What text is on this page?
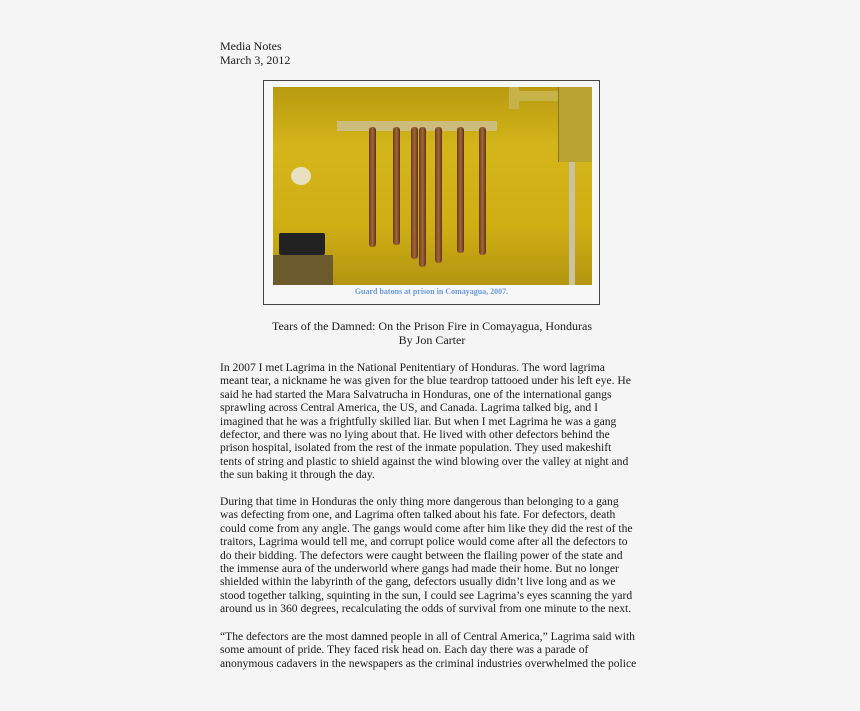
Media Notes
March 3, 2012
Guard batons at prison in Comayagua, 2007.
Tears of the Damned: On the Prison Fire in Comayagua, Honduras
By Jon Carter
In 2007 I met Lagrima in the National Penitentiary of Honduras. The word lagrima
meant tear, a nickname he was given for the blue teardrop tattooed under his left eye. He
said he had started the Mara Salvatrucha in Honduras, one of the international gangs
sprawling across Central America, the US, and Canada. Lagrima talked big, and I
imagined that he was a frightfully skilled liar. But when I met Lagrima he was a gang
defector, and there was no lying about that. He lived with other defectors behind the
prison hospital, isolated from the rest of the inmate population. They used makeshift
tents of string and plastic to shield against the wind blowing over the valley at night and
the sun baking it through the day.
During that time in Honduras the only thing more dangerous than belonging to a gang
was defecting from one, and Lagrima often talked about his fate. For defectors, death
could come from any angle. The gangs would come after him like they did the rest of the
traitors, Lagrima would tell me, and corrupt police would come after all the defectors to
do their bidding. The defectors were caught between the flailing power of the state and
the immense aura of the underworld where gangs had made their home. But no longer
shielded within the labyrinth of the gang, defectors usually didn’t live long and as we
stood together talking, squinting in the sun, I could see Lagrima’s eyes scanning the yard
around us in 360 degrees, recalculating the odds of survival from one minute to the next.
“The defectors are the most damned people in all of Central America,” Lagrima said with
some amount of pride. They faced risk head on. Each day there was a parade of
anonymous cadavers in the newspapers as the criminal industries overwhelmed the police
